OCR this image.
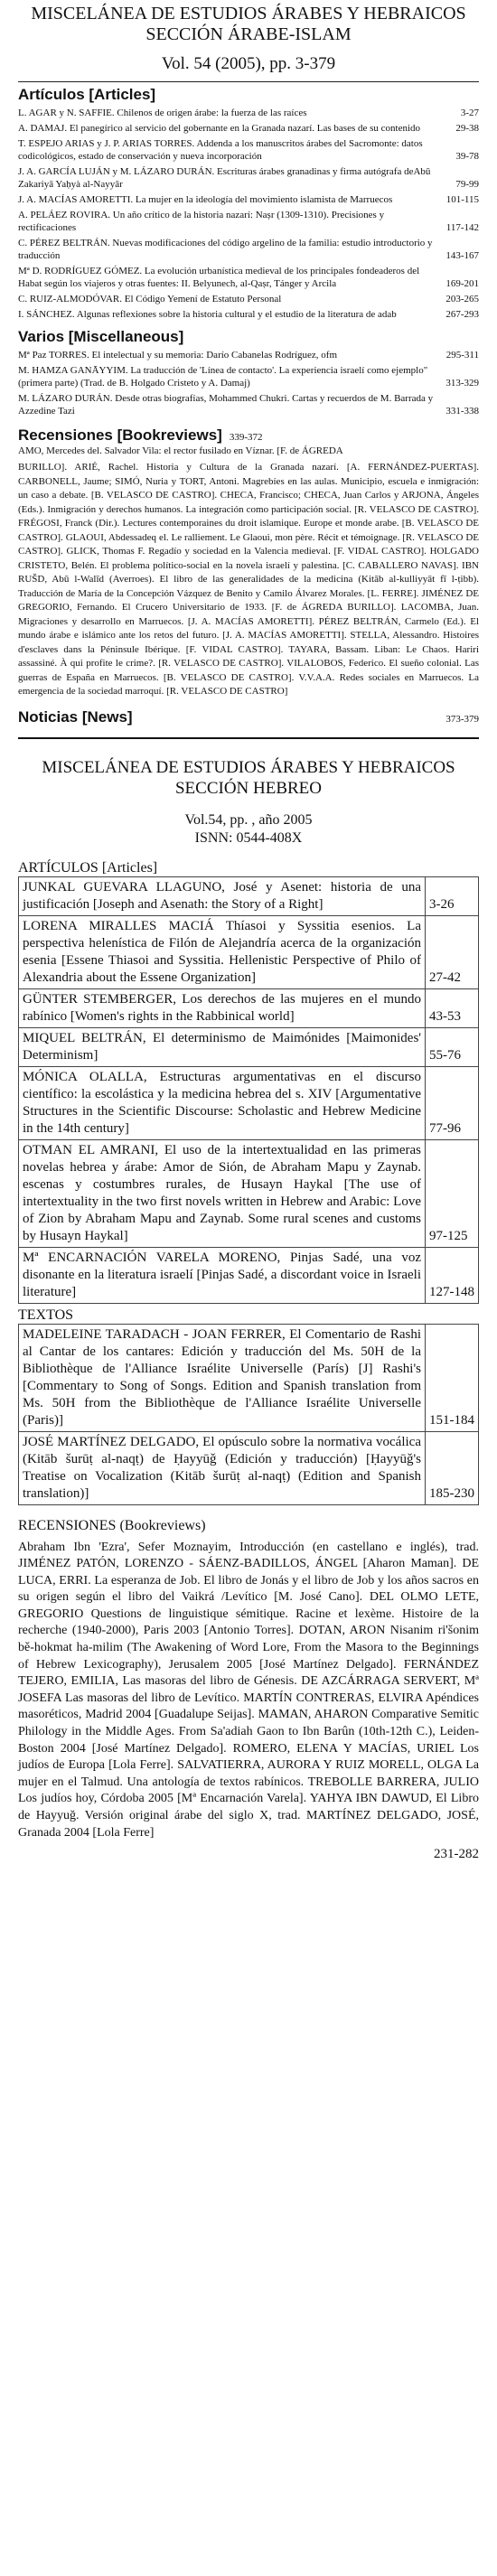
MISCELÁNEA DE ESTUDIOS ÁRABES Y HEBRAICOS
SECCIÓN ÁRABE-ISLAM
Vol. 54 (2005), pp. 3-379
Artículos [Articles]
L. AGAR y N. SAFFIE. Chilenos de origen árabe: la fuerza de las raíces	3-27
A. DAMAJ. El panegírico al servicio del gobernante en la Granada nazarí. Las bases de su contenido	29-38
T. ESPEJO ARIAS y J. P. ARIAS TORRES. Addenda a los manuscritos árabes del Sacromonte: datos codicológicos, estado de conservación y nueva incorporación	39-78
J. A. GARCÍA LUJÁN y M. LÁZARO DURÁN. Escrituras árabes granadinas y firma autógrafa deAbū Zakariyā Yaḥyà al-Nayyār	79-99
J. A. MACÍAS AMORETTI. La mujer en la ideología del movimiento islamista de Marruecos	101-115
A. PELÁEZ ROVIRA. Un año crítico de la historia nazarí: Naṣr (1309-1310). Precisiones y rectificaciones	117-142
C. PÉREZ BELTRÁN. Nuevas modificaciones del código argelino de la familia: estudio introductorio y traducción	143-167
Mª D. RODRÍGUEZ GÓMEZ. La evolución urbanística medieval de los principales fondeaderos del Habat según los viajeros y otras fuentes: II. Belyunech, al-Qaṣr, Tánger y Arcila	169-201
C. RUIZ-ALMODÓVAR. El Código Yemení de Estatuto Personal	203-265
I. SÁNCHEZ. Algunas reflexiones sobre la historia cultural y el estudio de la literatura de adab	267-293
Varios [Miscellaneous]
Mª Paz TORRES. El intelectual y su memoria: Darío Cabanelas Rodríguez, ofm	295-311
M. HAMZA GANĀYYIM. La traducción de 'Línea de contacto'. La experiencia israelí como ejemplo" (primera parte) (Trad. de B. Holgado Cristeto y A. Damaj)	313-329
M. LÁZARO DURÁN. Desde otras biografías, Mohammed Chukri. Cartas y recuerdos de M. Barrada y Azzedine Tazi	331-338
Recensiones [Bookreviews] 339-372
AMO, Mercedes del. Salvador Vila: el rector fusilado en Víznar. [F. de ÁGREDA
BURILLO]. ARIÉ, Rachel. Historia y Cultura de la Granada nazarí. [A. FERNÁNDEZ-PUERTAS]. CARBONELL, Jaume; SIMÓ, Nuria y TORT, Antoni. Magrebíes en las aulas. Municipio, escuela e inmigración: un caso a debate. [B. VELASCO DE CASTRO]. CHECA, Francisco; CHECA, Juan Carlos y ARJONA, Ángeles (Eds.). Inmigración y derechos humanos. La integración como participación social. [R. VELASCO DE CASTRO]. FRÉGOSI, Franck (Dir.). Lectures contemporaines du droit islamique. Europe et monde arabe. [B. VELASCO DE CASTRO]. GLAOUI, Abdessadeq el. Le ralliement. Le Glaoui, mon père. Récit et témoignage. [R. VELASCO DE CASTRO]. GLICK, Thomas F. Regadío y sociedad en la Valencia medieval. [F. VIDAL CASTRO]. HOLGADO CRISTETO, Belén. El problema político-social en la novela israelí y palestina. [C. CABALLERO NAVAS]. IBN RUŠD, Abū l-Walīd (Averroes). El libro de las generalidades de la medicina (Kitāb al-kulliyyāt fī l-ṭibb). Traducción de María de la Concepción Vázquez de Benito y Camilo Álvarez Morales. [L. FERRE]. JIMÉNEZ DE GREGORIO, Fernando. El Crucero Universitario de 1933. [F. de ÁGREDA BURILLO]. LACOMBA, Juan. Migraciones y desarrollo en Marruecos. [J. A. MACÍAS AMORETTI]. PÉREZ BELTRÁN, Carmelo (Ed.). El mundo árabe e islámico ante los retos del futuro. [J. A. MACÍAS AMORETTI]. STELLA, Alessandro. Histoires d'esclaves dans la Péninsule Ibérique. [F. VIDAL CASTRO]. TAYARA, Bassam. Liban: Le Chaos. Hariri assassiné. À qui profite le crime?. [R. VELASCO DE CASTRO]. VILALOBOS, Federico. El sueño colonial. Las guerras de España en Marruecos. [B. VELASCO DE CASTRO]. V.V.A.A. Redes sociales en Marruecos. La emergencia de la sociedad marroquí. [R. VELASCO DE CASTRO]
Noticias [News]	373-379
MISCELÁNEA DE ESTUDIOS ÁRABES Y HEBRAICOS
SECCIÓN HEBREO
Vol.54, pp. , año 2005
ISNN: 0544-408X
ARTÍCULOS [Articles]
JUNKAL GUEVARA LLAGUNO, José y Asenet: historia de una justificación [Joseph and Asenath: the Story of a Right]	3-26
LORENA MIRALLES MACIÁ Thíasoi y Syssitia esenios. La perspectiva helenística de Filón de Alejandría acerca de la organización esenia [Essene Thiasoi and Syssitia. Hellenistic Perspective of Philo of Alexandria about the Essene Organization]	27-42
GÜNTER STEMBERGER, Los derechos de las mujeres en el mundo rabínico [Women's rights in the Rabbinical world]	43-53
MIQUEL BELTRÁN, El determinismo de Maimónides [Maimonides' Determinism]	55-76
MÓNICA OLALLA, Estructuras argumentativas en el discurso científico: la escolástica y la medicina hebrea del s. XIV [Argumentative Structures in the Scientific Discourse: Scholastic and Hebrew Medicine in the 14th century]	77-96
OTMAN EL AMRANI, El uso de la intertextualidad en las primeras novelas hebrea y árabe: Amor de Sión, de Abraham Mapu y Zaynab. escenas y costumbres rurales, de Husayn Haykal [The use of intertextuality in the two first novels written in Hebrew and Arabic: Love of Zion by Abraham Mapu and Zaynab. Some rural scenes and customs by Husayn Haykal]	97-125
Mª ENCARNACIÓN VARELA MORENO, Pinjas Sadé, una voz disonante en la literatura israelí [Pinjas Sadé, a discordant voice in Israeli literature]	127-148
TEXTOS
MADELEINE TARADACH - JOAN FERRER, El Comentario de Rashi al Cantar de los cantares: Edición y traducción del Ms. 50H de la Bibliothèque de l'Alliance Israélite Universelle (París) [J] Rashi's [Commentary to Song of Songs. Edition and Spanish translation from Ms. 50H from the Bibliothèque de l'Alliance Israélite Universelle (Paris)]	151-184
JOSÉ MARTÍNEZ DELGADO, El opúsculo sobre la normativa vocálica (Kitāb šurūṭ al-naqṭ) de Ḥayyūǧ (Edición y traducción) [Ḥayyūǧ's Treatise on Vocalization (Kitāb šurūṭ al-naqṭ) (Edition and Spanish translation)]	185-230
RECENSIONES (Bookreviews)
Abraham Ibn 'Ezra', Sefer Moznayim, Introducción (en castellano e inglés), trad. JIMÉNEZ PATÓN, LORENZO - SÁENZ-BADILLOS, ÁNGEL [Aharon Maman]. DE LUCA, ERRI. La esperanza de Job. El libro de Jonás y el libro de Job y los años sacros en su origen según el libro del Vaikrá /Levítico [M. José Cano]. DEL OLMO LETE, GREGORIO Questions de linguistique sémitique. Racine et lexème. Histoire de la recherche (1940-2000), Paris 2003 [Antonio Torres]. DOTAN, ARON Nisanim ri'šonim bě-hokmat ha-milim (The Awakening of Word Lore, From the Masora to the Beginnings of Hebrew Lexicography), Jerusalem 2005 [José Martínez Delgado]. FERNÁNDEZ TEJERO, EMILIA, Las masoras del libro de Génesis. DE AZCÁRRAGA SERVERT, Mª JOSEFA Las masoras del libro de Levítico. MARTÍN CONTRERAS, ELVIRA Apéndices masoréticos, Madrid 2004 [Guadalupe Seijas]. MAMAN, AHARON Comparative Semitic Philology in the Middle Ages. From Sa'adiah Gaon to Ibn Barûn (10th-12th C.), Leiden-Boston 2004 [José Martínez Delgado]. ROMERO, ELENA Y MACÍAS, URIEL Los judíos de Europa [Lola Ferre]. SALVATIERRA, AURORA Y RUIZ MORELL, OLGA La mujer en el Talmud. Una antología de textos rabínicos. TREBOLLE BARRERA, JULIO Los judíos hoy, Córdoba 2005 [Mª Encarnación Varela]. YAHYA IBN DAWUD, El Libro de Hayyuğ. Versión original árabe del siglo X, trad. MARTÍNEZ DELGADO, JOSÉ, Granada 2004 [Lola Ferre]
231-282
